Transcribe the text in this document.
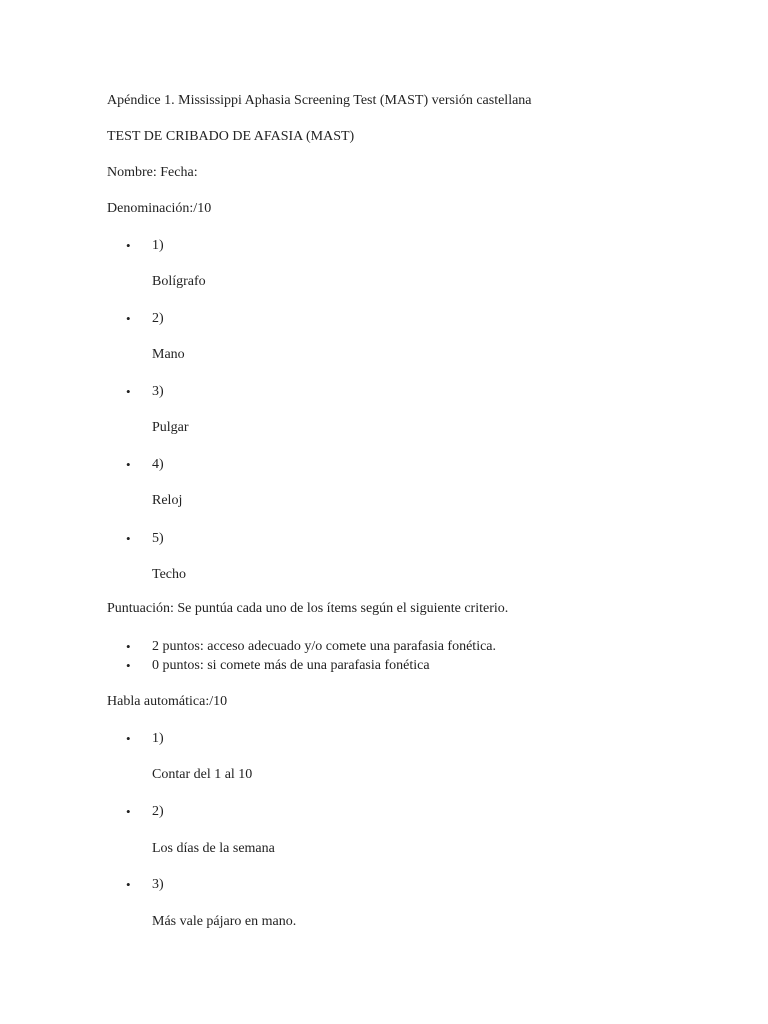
Apéndice 1. Mississippi Aphasia Screening Test (MAST) versión castellana
TEST DE CRIBADO DE AFASIA (MAST)
Nombre: Fecha:
Denominación:/10
• 1)
Bolígrafo
• 2)
Mano
• 3)
Pulgar
• 4)
Reloj
• 5)
Techo
Puntuación: Se puntúa cada uno de los ítems según el siguiente criterio.
• 2 puntos: acceso adecuado y/o comete una parafasia fonética.
• 0 puntos: si comete más de una parafasia fonética
Habla automática:/10
• 1)
Contar del 1 al 10
• 2)
Los días de la semana
• 3)
Más vale pájaro en mano.
